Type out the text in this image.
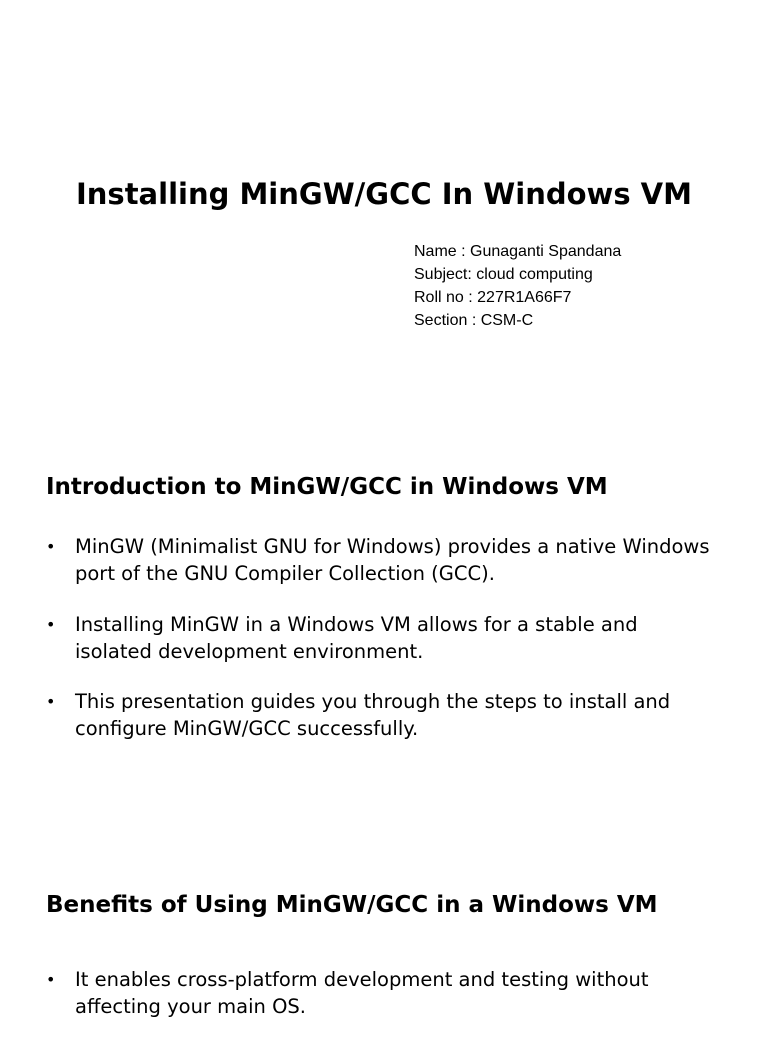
Installing MinGW/GCC In Windows VM
Name : Gunaganti Spandana
Subject: cloud computing
Roll no : 227R1A66F7
Section : CSM-C
Introduction to MinGW/GCC in Windows VM
• MinGW (Minimalist GNU for Windows) provides a native Windows port of the GNU Compiler Collection (GCC).
• Installing MinGW in a Windows VM allows for a stable and isolated development environment.
• This presentation guides you through the steps to install and configure MinGW/GCC successfully.
Benefits of Using MinGW/GCC in a Windows VM
• It enables cross-platform development and testing without affecting your main OS.
